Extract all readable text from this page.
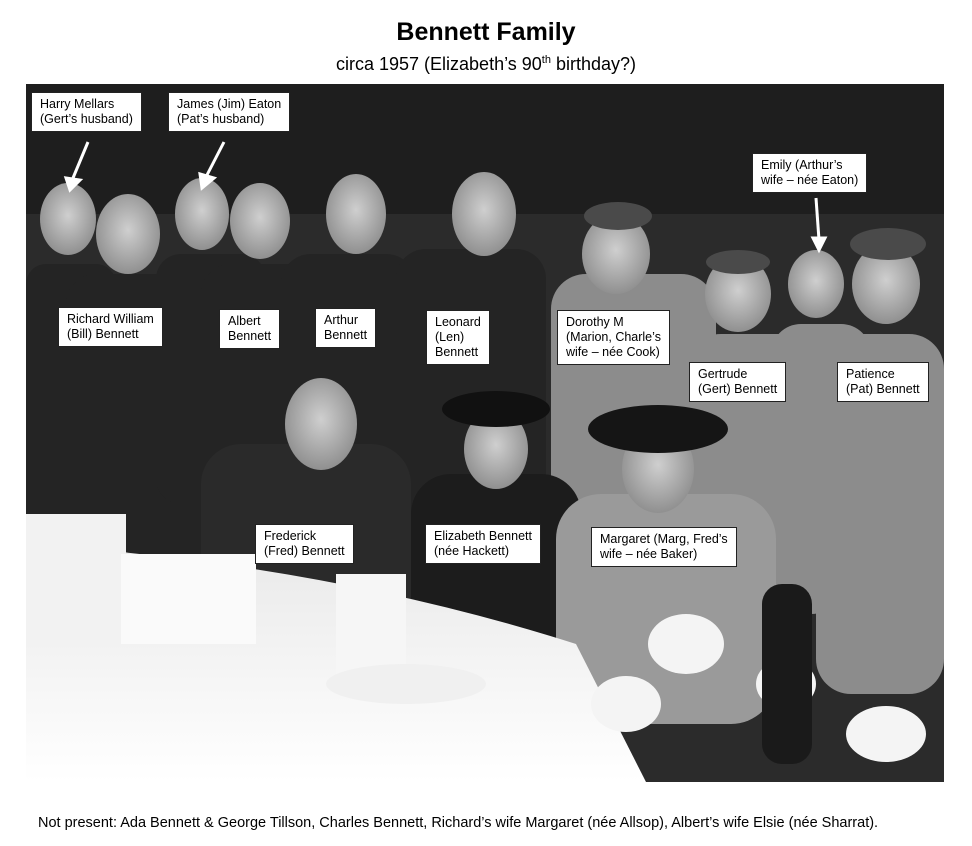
Bennett Family
circa 1957 (Elizabeth’s 90th birthday?)
Harry Mellars
(Gert’s husband)
James (Jim) Eaton
(Pat’s husband)
Emily (Arthur’s
wife – née Eaton)
Richard William
(Bill) Bennett
Albert
Bennett
Arthur
Bennett
Leonard
(Len)
Bennett
Dorothy M
(Marion, Charle’s
wife – née Cook)
Gertrude
(Gert) Bennett
Patience
(Pat) Bennett
Frederick
(Fred) Bennett
Elizabeth Bennett
(née Hackett)
Margaret (Marg, Fred’s
wife – née Baker)
Not present: Ada Bennett & George Tillson, Charles Bennett, Richard’s wife Margaret (née Allsop), Albert’s wife Elsie (née Sharrat).
